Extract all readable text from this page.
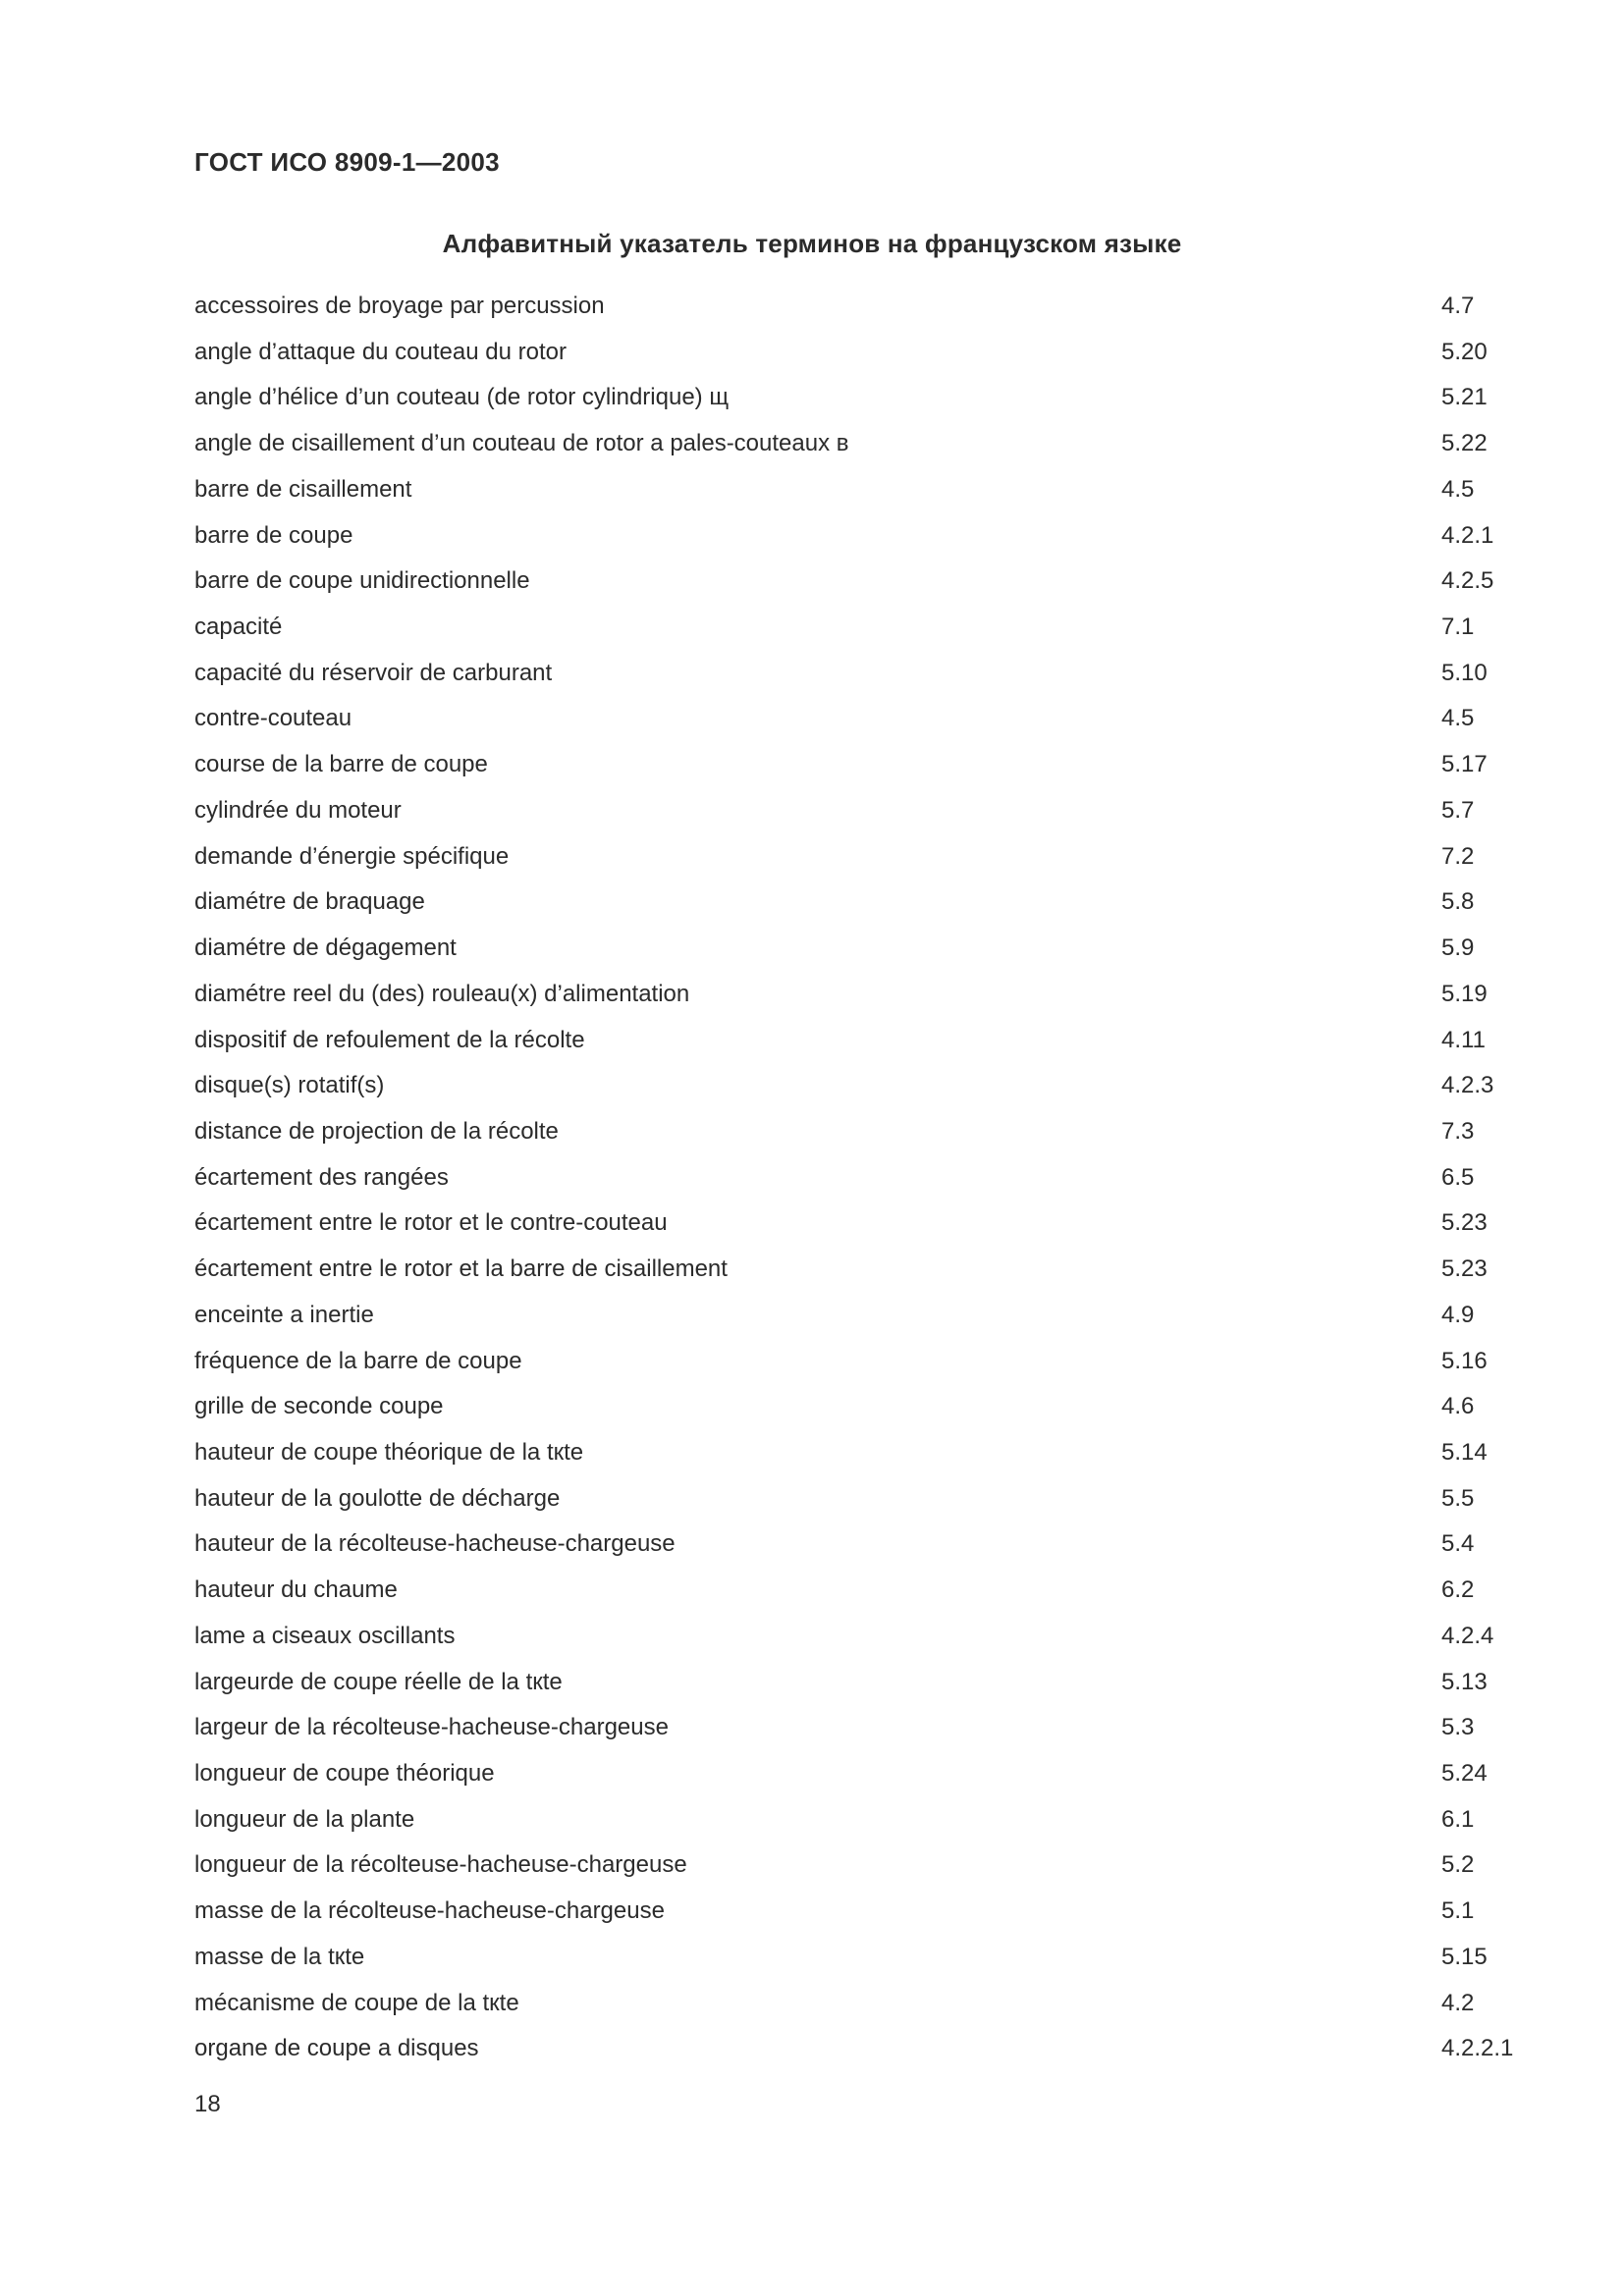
ГОСТ ИСО 8909-1—2003
Алфавитный указатель терминов на французском языке
accessoires de broyage par percussion	4.7
angle d’attaque du couteau du rotor	5.20
angle d’hélice d’un couteau (de rotor cylindrique) щ	5.21
angle de cisaillement d’un couteau de rotor a pales-couteaux в	5.22
barre de cisaillement	4.5
barre de coupe	4.2.1
barre de coupe unidirectionnelle	4.2.5
capacité	7.1
capacité du réservoir de carburant	5.10
contre-couteau	4.5
course de la barre de coupe	5.17
cylindrée du moteur	5.7
demande d’énergie spécifique	7.2
diamétre de braquage	5.8
diamétre de dégagement	5.9
diamétre reel du (des) rouleau(x) d’alimentation	5.19
dispositif de refoulement de la récolte	4.11
disque(s) rotatif(s)	4.2.3
distance de projection de la récolte	7.3
écartement des rangées	6.5
écartement entre le rotor et le contre-couteau	5.23
écartement entre le rotor et la barre de cisaillement	5.23
enceinte a inertie	4.9
fréquence de la barre de coupe	5.16
grille de seconde coupe	4.6
hauteur de coupe théorique de la tкte	5.14
hauteur de la goulotte de décharge	5.5
hauteur de la récolteuse-hacheuse-chargeuse	5.4
hauteur du chaume	6.2
lame a ciseaux oscillants	4.2.4
largeurde de coupe réelle de la tкte	5.13
largeur de la récolteuse-hacheuse-chargeuse	5.3
longueur de coupe théorique	5.24
longueur de la plante	6.1
longueur de la récolteuse-hacheuse-chargeuse	5.2
masse de la récolteuse-hacheuse-chargeuse	5.1
masse de la tкte	5.15
mécanisme de coupe de la tкte	4.2
organe de coupe a disques	4.2.2.1
18
